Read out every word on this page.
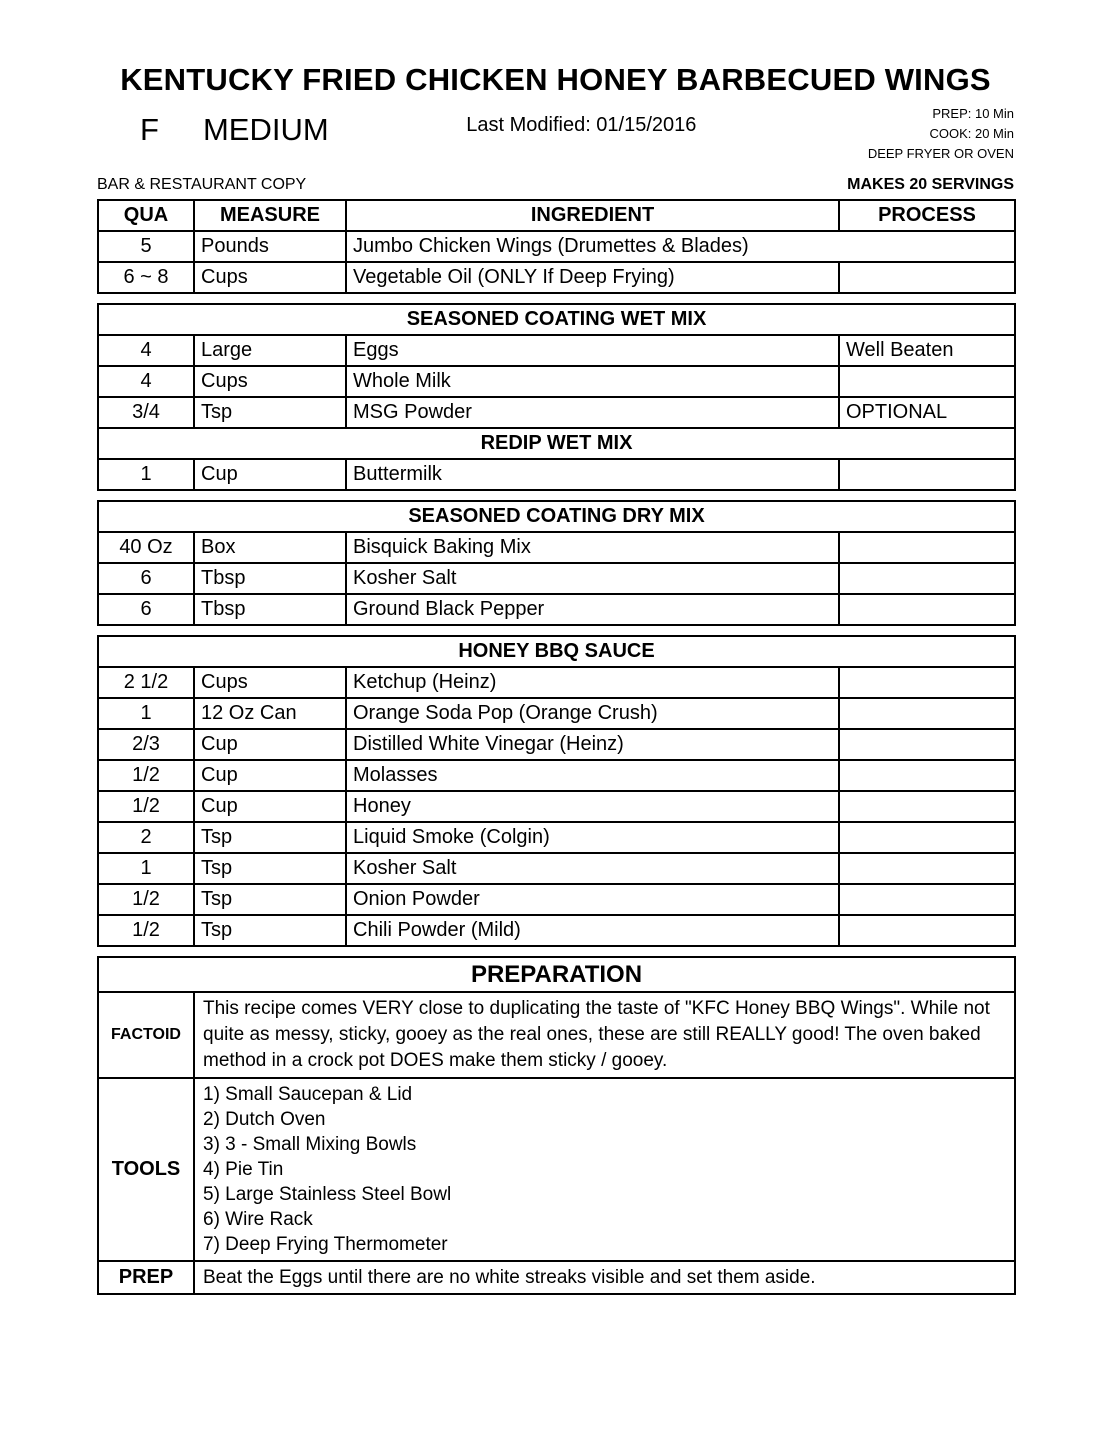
KENTUCKY FRIED CHICKEN HONEY BARBECUED WINGS
F MEDIUM	Last Modified: 01/15/2016
PREP: 10 Min
COOK: 20 Min
DEEP FRYER OR OVEN
BAR & RESTAURANT COPY	MAKES 20 SERVINGS
QUA	MEASURE	INGREDIENT	PROCESS
5	Pounds	Jumbo Chicken Wings (Drumettes & Blades)	
6 ~ 8	Cups	Vegetable Oil (ONLY If Deep Frying)	
SEASONED COATING WET MIX			
4	Large	Eggs	Well Beaten
4	Cups	Whole Milk	
3/4	Tsp	MSG Powder	OPTIONAL
REDIP WET MIX			
1	Cup	Buttermilk	
SEASONED COATING DRY MIX			
40 Oz	Box	Bisquick Baking Mix	
6	Tbsp	Kosher Salt	
6	Tbsp	Ground Black Pepper	
HONEY BBQ SAUCE			
2 1/2	Cups	Ketchup (Heinz)	
1	12 Oz Can	Orange Soda Pop (Orange Crush)	
2/3	Cup	Distilled White Vinegar (Heinz)	
1/2	Cup	Molasses	
1/2	Cup	Honey	
2	Tsp	Liquid Smoke (Colgin)	
1	Tsp	Kosher Salt	
1/2	Tsp	Onion Powder	
1/2	Tsp	Chili Powder (Mild)	
PREPARATION	
FACTOID	This recipe comes VERY close to duplicating the taste of "KFC Honey BBQ Wings". While not quite as messy, sticky, gooey as the real ones, these are still REALLY good! The oven baked method in a crock pot DOES make them sticky / gooey.
TOOLS	
1) Small Saucepan & Lid
2) Dutch Oven
3) 3 - Small Mixing Bowls
4) Pie Tin
5) Large Stainless Steel Bowl
6) Wire Rack
7) Deep Frying Thermometer

PREP	Beat the Eggs until there are no white streaks visible and set them aside.
